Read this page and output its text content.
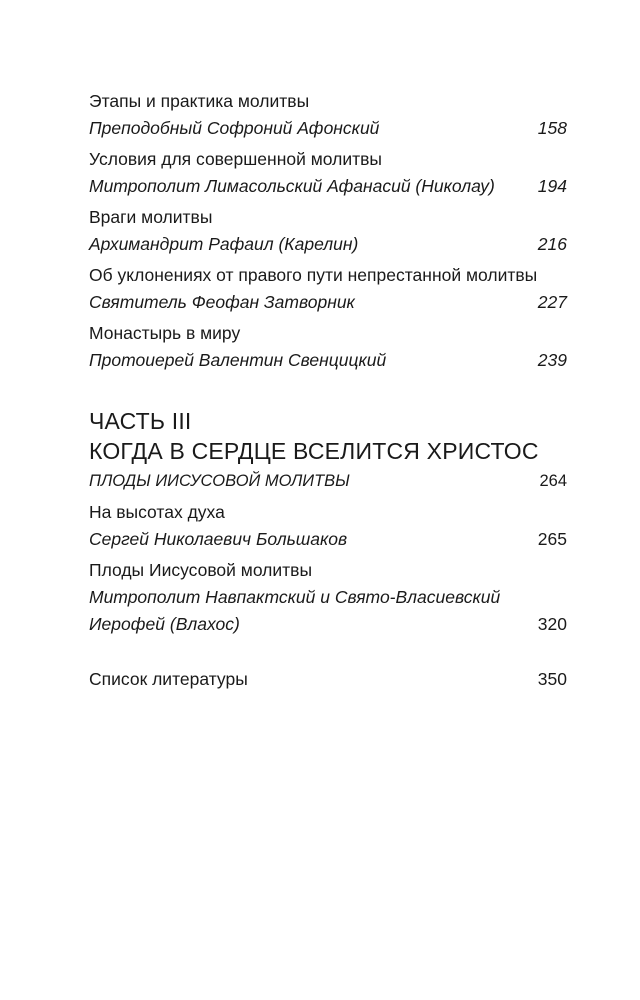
Этапы и практика молитвы
Преподобный Софроний Афонский	158
Условия для совершенной молитвы
Митрополит Лимасольский Афанасий (Николау) 194
Враги молитвы
Архимандрит Рафаил (Карелин)	216
Об уклонениях от правого пути непрестанной молитвы
Святитель Феофан Затворник	227
Монастырь в миру
Протоиерей Валентин Свенцицкий	239
ЧАСТЬ III
КОГДА В СЕРДЦЕ ВСЕЛИТСЯ ХРИСТОС
ПЛОДЫ ИИСУСОВОЙ МОЛИТВЫ	264
На высотах духа
Сергей Николаевич Большаков	265
Плоды Иисусовой молитвы
Митрополит Навпактский и Свято-Власиевский
Иерофей (Влахос)	320
Список литературы	350
